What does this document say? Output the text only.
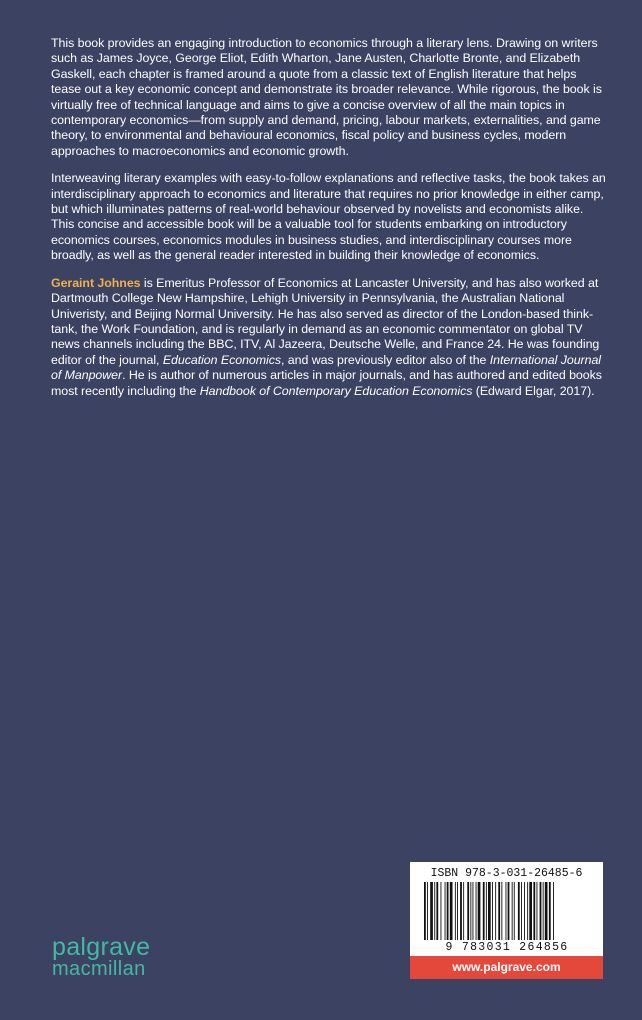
This book provides an engaging introduction to economics through a literary lens. Drawing on writers such as James Joyce, George Eliot, Edith Wharton, Jane Austen, Charlotte Bronte, and Elizabeth Gaskell, each chapter is framed around a quote from a classic text of English literature that helps tease out a key economic concept and demonstrate its broader relevance. While rigorous, the book is virtually free of technical language and aims to give a concise overview of all the main topics in contemporary economics—from supply and demand, pricing, labour markets, externalities, and game theory, to environmental and behavioural economics, fiscal policy and business cycles, modern approaches to macroeconomics and economic growth.

Interweaving literary examples with easy-to-follow explanations and reflective tasks, the book takes an interdisciplinary approach to economics and literature that requires no prior knowledge in either camp, but which illuminates patterns of real-world behaviour observed by novelists and economists alike. This concise and accessible book will be a valuable tool for students embarking on introductory economics courses, economics modules in business studies, and interdisciplinary courses more broadly, as well as the general reader interested in building their knowledge of economics.

Geraint Johnes is Emeritus Professor of Economics at Lancaster University, and has also worked at Dartmouth College New Hampshire, Lehigh University in Pennsylvania, the Australian National Univeristy, and Beijing Normal University. He has also served as director of the London-based think-tank, the Work Foundation, and is regularly in demand as an economic commentator on global TV news channels including the BBC, ITV, Al Jazeera, Deutsche Welle, and France 24. He was founding editor of the journal, Education Economics, and was previously editor also of the International Journal of Manpower. He is author of numerous articles in major journals, and has authored and edited books most recently including the Handbook of Contemporary Education Economics (Edward Elgar, 2017).

ISBN 978-3-031-26485-6
9 783031 264856
www.palgrave.com
palgrave
macmillan
